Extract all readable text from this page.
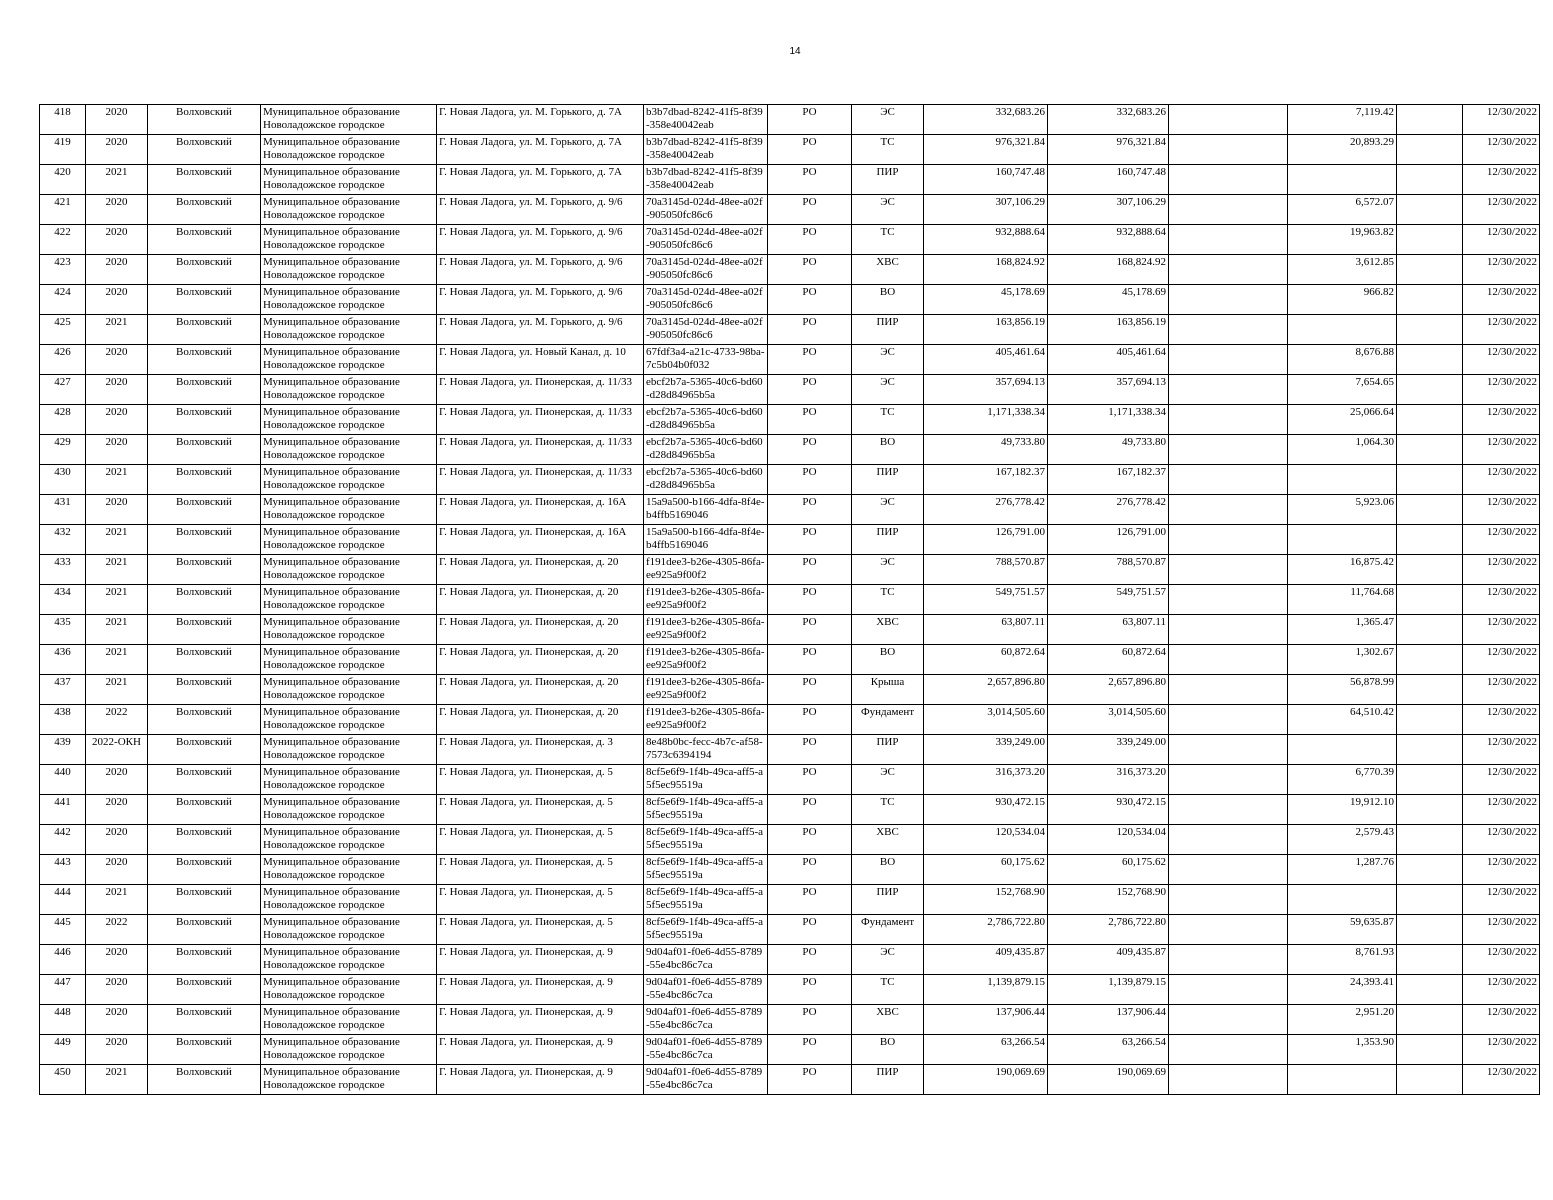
14
418	2020	Волховский	Муниципальное образование Новоладожское городское	Г. Новая Ладога, ул. М. Горького, д. 7А	b3b7dbad-8242-41f5-8f39-358e40042eab	РО	ЭС	332,683.26	332,683.26		7,119.42		12/30/2022
419	2020	Волховский	Муниципальное образование Новоладожское городское	Г. Новая Ладога, ул. М. Горького, д. 7А	b3b7dbad-8242-41f5-8f39-358e40042eab	РО	ТС	976,321.84	976,321.84		20,893.29		12/30/2022
420	2021	Волховский	Муниципальное образование Новоладожское городское	Г. Новая Ладога, ул. М. Горького, д. 7А	b3b7dbad-8242-41f5-8f39-358e40042eab	РО	ПИР	160,747.48	160,747.48				12/30/2022
421	2020	Волховский	Муниципальное образование Новоладожское городское	Г. Новая Ладога, ул. М. Горького, д. 9/6	70a3145d-024d-48ee-a02f-905050fc86c6	РО	ЭС	307,106.29	307,106.29		6,572.07		12/30/2022
422	2020	Волховский	Муниципальное образование Новоладожское городское	Г. Новая Ладога, ул. М. Горького, д. 9/6	70a3145d-024d-48ee-a02f-905050fc86c6	РО	ТС	932,888.64	932,888.64		19,963.82		12/30/2022
423	2020	Волховский	Муниципальное образование Новоладожское городское	Г. Новая Ладога, ул. М. Горького, д. 9/6	70a3145d-024d-48ee-a02f-905050fc86c6	РО	ХВС	168,824.92	168,824.92		3,612.85		12/30/2022
424	2020	Волховский	Муниципальное образование Новоладожское городское	Г. Новая Ладога, ул. М. Горького, д. 9/6	70a3145d-024d-48ee-a02f-905050fc86c6	РО	ВО	45,178.69	45,178.69		966.82		12/30/2022
425	2021	Волховский	Муниципальное образование Новоладожское городское	Г. Новая Ладога, ул. М. Горького, д. 9/6	70a3145d-024d-48ee-a02f-905050fc86c6	РО	ПИР	163,856.19	163,856.19				12/30/2022
426	2020	Волховский	Муниципальное образование Новоладожское городское	Г. Новая Ладога, ул. Новый Канал, д. 10	67fdf3a4-a21c-4733-98ba-7c5b04b0f032	РО	ЭС	405,461.64	405,461.64		8,676.88		12/30/2022
427	2020	Волховский	Муниципальное образование Новоладожское городское	Г. Новая Ладога, ул. Пионерская, д. 11/33	ebcf2b7a-5365-40c6-bd60-d28d84965b5a	РО	ЭС	357,694.13	357,694.13		7,654.65		12/30/2022
428	2020	Волховский	Муниципальное образование Новоладожское городское	Г. Новая Ладога, ул. Пионерская, д. 11/33	ebcf2b7a-5365-40c6-bd60-d28d84965b5a	РО	ТС	1,171,338.34	1,171,338.34		25,066.64		12/30/2022
429	2020	Волховский	Муниципальное образование Новоладожское городское	Г. Новая Ладога, ул. Пионерская, д. 11/33	ebcf2b7a-5365-40c6-bd60-d28d84965b5a	РО	ВО	49,733.80	49,733.80		1,064.30		12/30/2022
430	2021	Волховский	Муниципальное образование Новоладожское городское	Г. Новая Ладога, ул. Пионерская, д. 11/33	ebcf2b7a-5365-40c6-bd60-d28d84965b5a	РО	ПИР	167,182.37	167,182.37				12/30/2022
431	2020	Волховский	Муниципальное образование Новоладожское городское	Г. Новая Ладога, ул. Пионерская, д. 16А	15a9a500-b166-4dfa-8f4e-b4ffb5169046	РО	ЭС	276,778.42	276,778.42		5,923.06		12/30/2022
432	2021	Волховский	Муниципальное образование Новоладожское городское	Г. Новая Ладога, ул. Пионерская, д. 16А	15a9a500-b166-4dfa-8f4e-b4ffb5169046	РО	ПИР	126,791.00	126,791.00				12/30/2022
433	2021	Волховский	Муниципальное образование Новоладожское городское	Г. Новая Ладога, ул. Пионерская, д. 20	f191dee3-b26e-4305-86fa-ee925a9f00f2	РО	ЭС	788,570.87	788,570.87		16,875.42		12/30/2022
434	2021	Волховский	Муниципальное образование Новоладожское городское	Г. Новая Ладога, ул. Пионерская, д. 20	f191dee3-b26e-4305-86fa-ee925a9f00f2	РО	ТС	549,751.57	549,751.57		11,764.68		12/30/2022
435	2021	Волховский	Муниципальное образование Новоладожское городское	Г. Новая Ладога, ул. Пионерская, д. 20	f191dee3-b26e-4305-86fa-ee925a9f00f2	РО	ХВС	63,807.11	63,807.11		1,365.47		12/30/2022
436	2021	Волховский	Муниципальное образование Новоладожское городское	Г. Новая Ладога, ул. Пионерская, д. 20	f191dee3-b26e-4305-86fa-ee925a9f00f2	РО	ВО	60,872.64	60,872.64		1,302.67		12/30/2022
437	2021	Волховский	Муниципальное образование Новоладожское городское	Г. Новая Ладога, ул. Пионерская, д. 20	f191dee3-b26e-4305-86fa-ee925a9f00f2	РО	Крыша	2,657,896.80	2,657,896.80		56,878.99		12/30/2022
438	2022	Волховский	Муниципальное образование Новоладожское городское	Г. Новая Ладога, ул. Пионерская, д. 20	f191dee3-b26e-4305-86fa-ee925a9f00f2	РО	Фундамент	3,014,505.60	3,014,505.60		64,510.42		12/30/2022
439	2022-ОКН	Волховский	Муниципальное образование Новоладожское городское	Г. Новая Ладога, ул. Пионерская, д. 3	8e48b0bc-fecc-4b7c-af58-7573c6394194	РО	ПИР	339,249.00	339,249.00				12/30/2022
440	2020	Волховский	Муниципальное образование Новоладожское городское	Г. Новая Ладога, ул. Пионерская, д. 5	8cf5e6f9-1f4b-49ca-aff5-a5f5ec95519a	РО	ЭС	316,373.20	316,373.20		6,770.39		12/30/2022
441	2020	Волховский	Муниципальное образование Новоладожское городское	Г. Новая Ладога, ул. Пионерская, д. 5	8cf5e6f9-1f4b-49ca-aff5-a5f5ec95519a	РО	ТС	930,472.15	930,472.15		19,912.10		12/30/2022
442	2020	Волховский	Муниципальное образование Новоладожское городское	Г. Новая Ладога, ул. Пионерская, д. 5	8cf5e6f9-1f4b-49ca-aff5-a5f5ec95519a	РО	ХВС	120,534.04	120,534.04		2,579.43		12/30/2022
443	2020	Волховский	Муниципальное образование Новоладожское городское	Г. Новая Ладога, ул. Пионерская, д. 5	8cf5e6f9-1f4b-49ca-aff5-a5f5ec95519a	РО	ВО	60,175.62	60,175.62		1,287.76		12/30/2022
444	2021	Волховский	Муниципальное образование Новоладожское городское	Г. Новая Ладога, ул. Пионерская, д. 5	8cf5e6f9-1f4b-49ca-aff5-a5f5ec95519a	РО	ПИР	152,768.90	152,768.90				12/30/2022
445	2022	Волховский	Муниципальное образование Новоладожское городское	Г. Новая Ладога, ул. Пионерская, д. 5	8cf5e6f9-1f4b-49ca-aff5-a5f5ec95519a	РО	Фундамент	2,786,722.80	2,786,722.80		59,635.87		12/30/2022
446	2020	Волховский	Муниципальное образование Новоладожское городское	Г. Новая Ладога, ул. Пионерская, д. 9	9d04af01-f0e6-4d55-8789-55e4bc86c7ca	РО	ЭС	409,435.87	409,435.87		8,761.93		12/30/2022
447	2020	Волховский	Муниципальное образование Новоладожское городское	Г. Новая Ладога, ул. Пионерская, д. 9	9d04af01-f0e6-4d55-8789-55e4bc86c7ca	РО	ТС	1,139,879.15	1,139,879.15		24,393.41		12/30/2022
448	2020	Волховский	Муниципальное образование Новоладожское городское	Г. Новая Ладога, ул. Пионерская, д. 9	9d04af01-f0e6-4d55-8789-55e4bc86c7ca	РО	ХВС	137,906.44	137,906.44		2,951.20		12/30/2022
449	2020	Волховский	Муниципальное образование Новоладожское городское	Г. Новая Ладога, ул. Пионерская, д. 9	9d04af01-f0e6-4d55-8789-55e4bc86c7ca	РО	ВО	63,266.54	63,266.54		1,353.90		12/30/2022
450	2021	Волховский	Муниципальное образование Новоладожское городское	Г. Новая Ладога, ул. Пионерская, д. 9	9d04af01-f0e6-4d55-8789-55e4bc86c7ca	РО	ПИР	190,069.69	190,069.69				12/30/2022
